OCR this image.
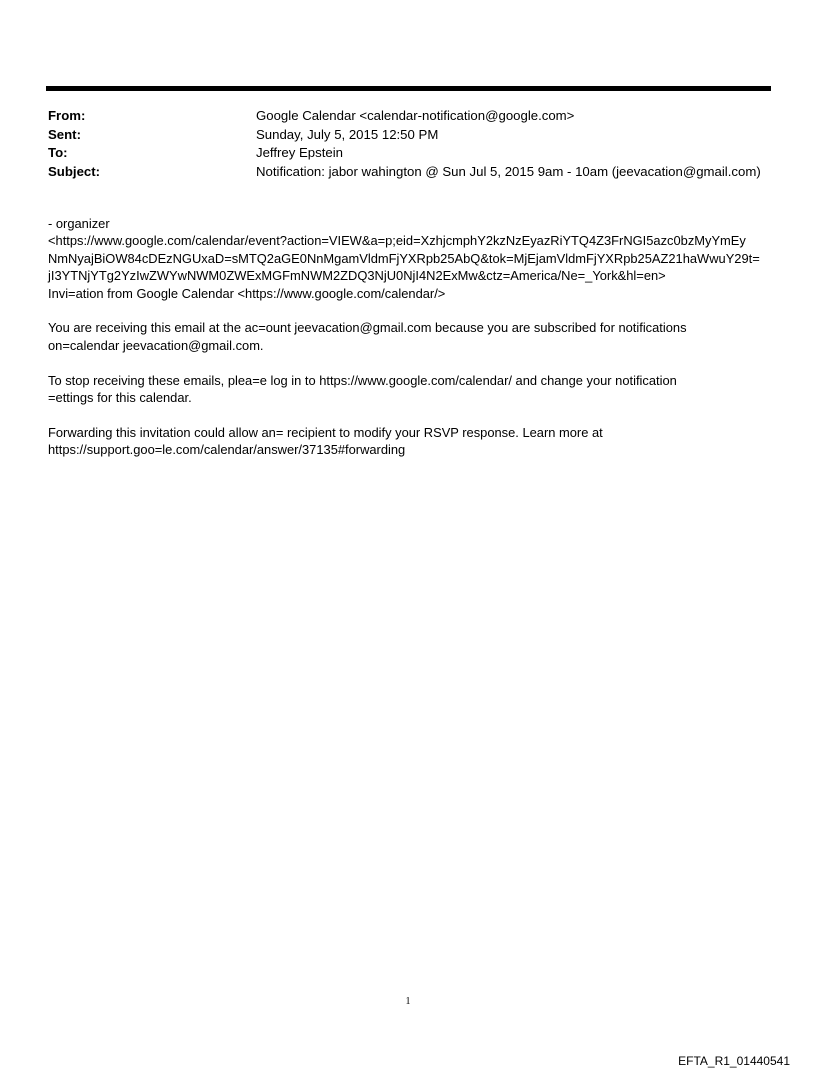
From:	Google Calendar <calendar-notification@google.com>
Sent:	Sunday, July 5, 2015 12:50 PM
To:	Jeffrey Epstein
Subject:	Notification: jabor wahington @ Sun Jul 5, 2015 9am - 10am (jeevacation@gmail.com)
- organizer
<https://www.google.com/calendar/event?action=VIEW&a=p;eid=XzhjcmphY2kzNzEyazRiYTQ4Z3FrNGI5azc0bzMyYmEy
NmNyajBiOW84cDEzNGUxaD=sMTQ2aGE0NnMgamVldmFjYXRpb25AbQ&tok=MjEjamVldmFjYXRpb25AZ21haWwuY29t=
jI3YTNjYTg2YzIwZWYwNWM0ZWExMGFmNWM2ZDQ3NjU0NjI4N2ExMw&ctz=America/Ne=_York&hl=en>
Invi=ation from Google Calendar <https://www.google.com/calendar/>
You are receiving this email at the ac=ount jeevacation@gmail.com because you are subscribed for notifications
on=calendar jeevacation@gmail.com.
To stop receiving these emails, plea=e log in to https://www.google.com/calendar/ and change your notification
=ettings for this calendar.
Forwarding this invitation could allow an= recipient to modify your RSVP response. Learn more at
https://support.goo=le.com/calendar/answer/37135#forwarding
1
EFTA_R1_01440541
